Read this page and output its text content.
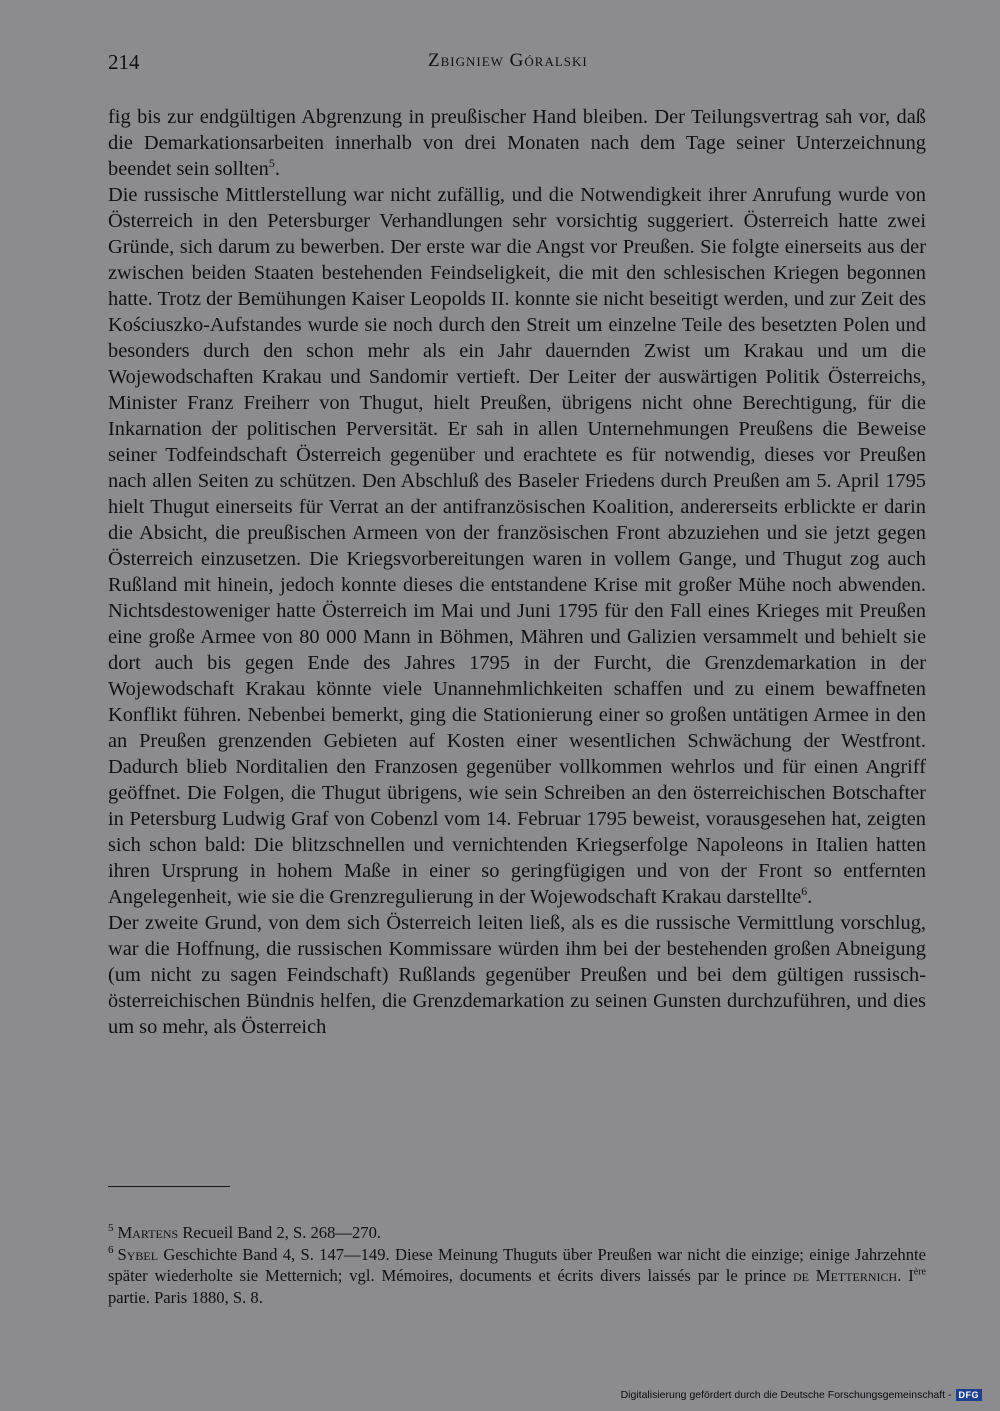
214	Zbigniew Góralski

fig bis zur endgültigen Abgrenzung in preußischer Hand bleiben. Der Teilungsvertrag sah vor, daß die Demarkationsarbeiten innerhalb von drei Monaten nach dem Tage seiner Unterzeichnung beendet sein sollten$^5$.

Die russische Mittlerstellung war nicht zufällig, und die Notwendigkeit ihrer Anrufung wurde von Österreich in den Petersburger Verhandlungen sehr vorsichtig suggeriert. Österreich hatte zwei Gründe, sich darum zu bewerben. Der erste war die Angst vor Preußen. Sie folgte einerseits aus der zwischen beiden Staaten bestehenden Feindseligkeit, die mit den schlesischen Kriegen begonnen hatte. Trotz der Bemühungen Kaiser Leopolds II. konnte sie nicht beseitigt werden, und zur Zeit des Kościuszko-Aufstandes wurde sie noch durch den Streit um einzelne Teile des besetzten Polen und besonders durch den schon mehr als ein Jahr dauernden Zwist um Krakau und um die Wojewodschaften Krakau und Sandomir vertieft. Der Leiter der auswärtigen Politik Österreichs, Minister Franz Freiherr von Thugut, hielt Preußen, übrigens nicht ohne Berechtigung, für die Inkarnation der politischen Perversität. Er sah in allen Unternehmungen Preußens die Beweise seiner Todfeindschaft Österreich gegenüber und erachtete es für notwendig, dieses vor Preußen nach allen Seiten zu schützen. Den Abschluß des Baseler Friedens durch Preußen am 5. April 1795 hielt Thugut einerseits für Verrat an der antifranzösischen Koalition, andererseits erblickte er darin die Absicht, die preußischen Armeen von der französischen Front abzuziehen und sie jetzt gegen Österreich einzusetzen. Die Kriegsvorbereitungen waren in vollem Gange, und Thugut zog auch Rußland mit hinein, jedoch konnte dieses die entstandene Krise mit großer Mühe noch abwenden. Nichtsdestoweniger hatte Österreich im Mai und Juni 1795 für den Fall eines Krieges mit Preußen eine große Armee von 80 000 Mann in Böhmen, Mähren und Galizien versammelt und behielt sie dort auch bis gegen Ende des Jahres 1795 in der Furcht, die Grenzdemarkation in der Wojewodschaft Krakau könnte viele Unannehmlichkeiten schaffen und zu einem bewaffneten Konflikt führen. Nebenbei bemerkt, ging die Stationierung einer so großen untätigen Armee in den an Preußen grenzenden Gebieten auf Kosten einer wesentlichen Schwächung der Westfront. Dadurch blieb Norditalien den Franzosen gegenüber vollkommen wehrlos und für einen Angriff geöffnet. Die Folgen, die Thugut übrigens, wie sein Schreiben an den österreichischen Botschafter in Petersburg Ludwig Graf von Cobenzl vom 14. Februar 1795 beweist, vorausgesehen hat, zeigten sich schon bald: Die blitzschnellen und vernichtenden Kriegserfolge Napoleons in Italien hatten ihren Ursprung in hohem Maße in einer so geringfügigen und von der Front so entfernten Angelegenheit, wie sie die Grenzregulierung in der Wojewodschaft Krakau darstellte$^6$.

Der zweite Grund, von dem sich Österreich leiten ließ, als es die russische Vermittlung vorschlug, war die Hoffnung, die russischen Kommissare würden ihm bei der bestehenden großen Abneigung (um nicht zu sagen Feindschaft) Rußlands gegenüber Preußen und bei dem gültigen russisch-österreichischen Bündnis helfen, die Grenzdemarkation zu seinen Gunsten durchzuführen, und dies um so mehr, als Österreich

$^5$ Martens Recueil Band 2, S. 268—270.

$^6$ Sybel Geschichte Band 4, S. 147—149. Diese Meinung Thuguts über Preußen war nicht die einzige; einige Jahrzehnte später wiederholte sie Metternich; vgl. Mémoires, documents et écrits divers laissés par le prince de Metternich. Ière partie. Paris 1880, S. 8.

Digitalisierung gefördert durch die Deutsche Forschungsgemeinschaft - DFG
